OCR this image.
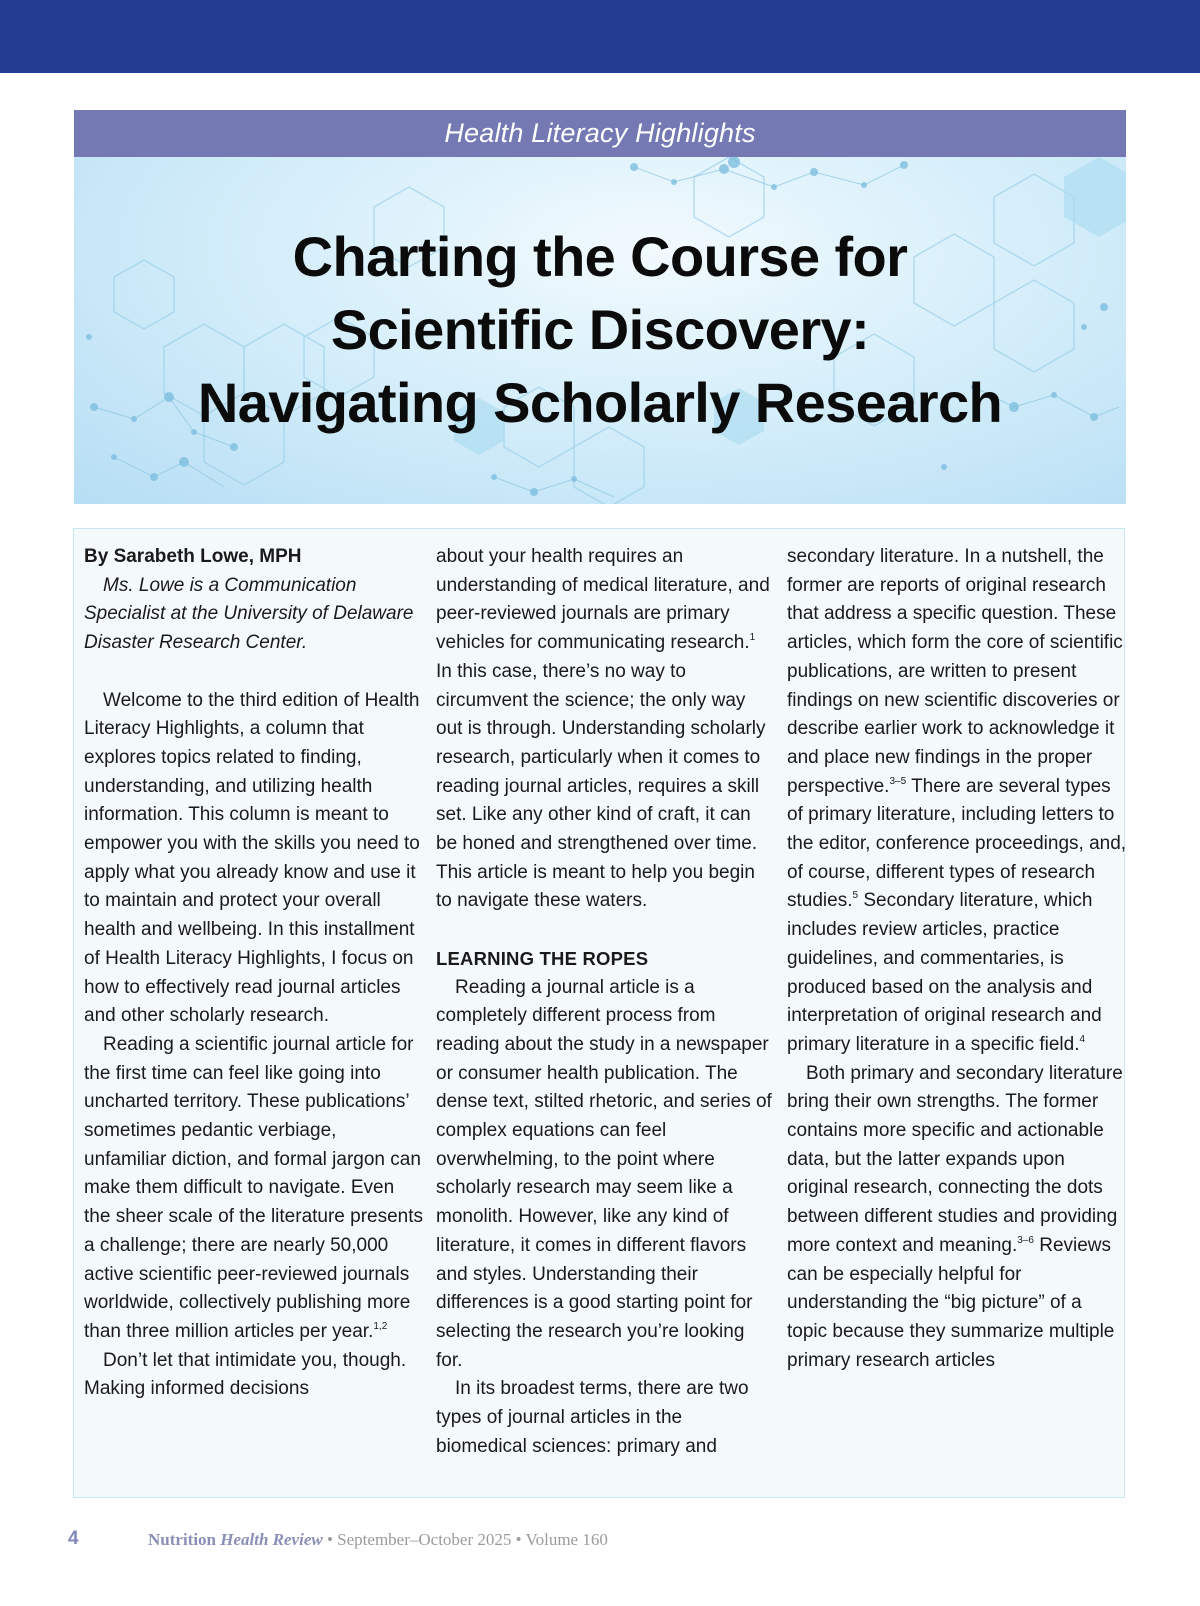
Health Literacy Highlights
Charting the Course for
Scientific Discovery:
Navigating Scholarly Research

By Sarabeth Lowe, MPH

Ms. Lowe is a Communication Specialist at the University of Delaware Disaster Research Center.

Welcome to the third edition of Health Literacy Highlights, a column that explores topics related to finding, understanding, and utilizing health information. This column is meant to empower you with the skills you need to apply what you already know and use it to maintain and protect your overall health and wellbeing. In this installment of Health Literacy Highlights, I focus on how to effectively read journal articles and other scholarly research.

Reading a scientific journal article for the first time can feel like going into uncharted territory. These publications’ sometimes pedantic verbiage, unfamiliar diction, and formal jargon can make them difficult to navigate. Even the sheer scale of the literature presents a challenge; there are nearly 50,000 active scientific peer-reviewed journals worldwide, collectively publishing more than three million articles per year.$^{1,2}$

Don’t let that intimidate you, though. Making informed decisions

about your health requires an understanding of medical literature, and peer-reviewed journals are primary vehicles for communicating research.$^1$ In this case, there’s no way to circumvent the science; the only way out is through. Understanding scholarly research, particularly when it comes to reading journal articles, requires a skill set. Like any other kind of craft, it can be honed and strengthened over time. This article is meant to help you begin to navigate these waters.

LEARNING THE ROPES

Reading a journal article is a completely different process from reading about the study in a newspaper or consumer health publication. The dense text, stilted rhetoric, and series of complex equations can feel overwhelming, to the point where scholarly research may seem like a monolith. However, like any kind of literature, it comes in different flavors and styles. Understanding their differences is a good starting point for selecting the research you’re looking for.

In its broadest terms, there are two types of journal articles in the biomedical sciences: primary and

secondary literature. In a nutshell, the former are reports of original research that address a specific question. These articles, which form the core of scientific publications, are written to present findings on new scientific discoveries or describe earlier work to acknowledge it and place new findings in the proper perspective.$^{3-5}$ There are several types of primary literature, including letters to the editor, conference proceedings, and, of course, different types of research studies.$^5$ Secondary literature, which includes review articles, practice guidelines, and commentaries, is produced based on the analysis and interpretation of original research and primary literature in a specific field.$^4$

Both primary and secondary literature bring their own strengths. The former contains more specific and actionable data, but the latter expands upon original research, connecting the dots between different studies and providing more context and meaning.$^{3-6}$ Reviews can be especially helpful for understanding the “big picture” of a topic because they summarize multiple primary research articles

4	Nutrition Health Review • September–October 2025 • Volume 160
